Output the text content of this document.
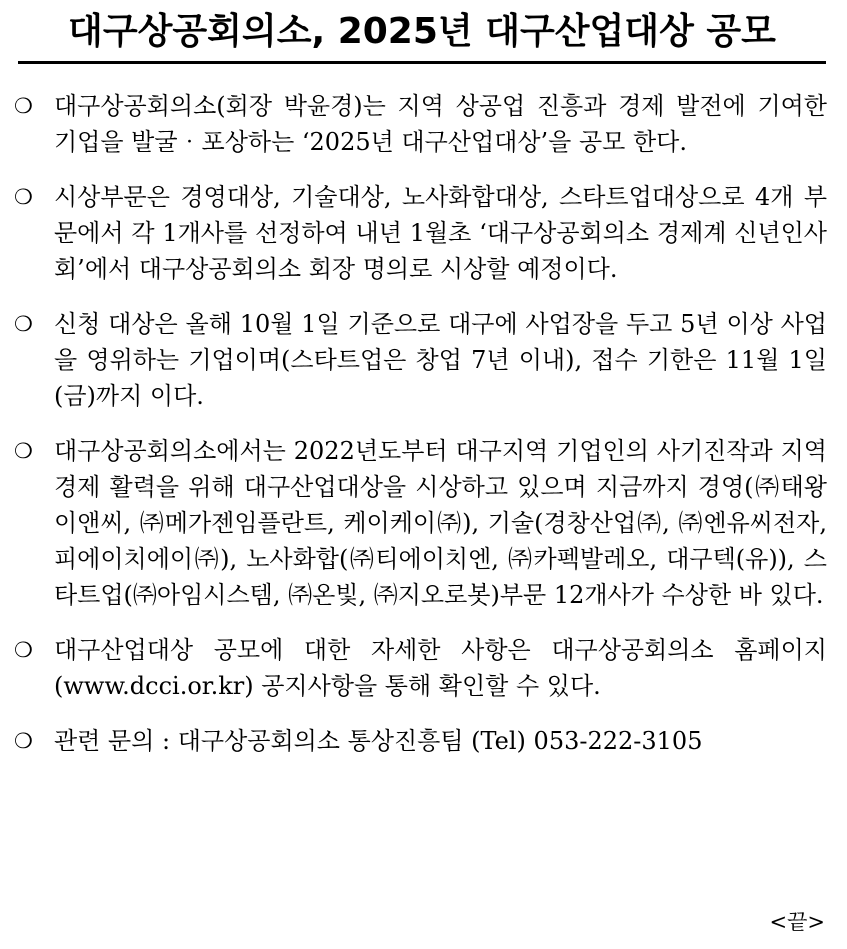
대구상공회의소, 2025년 대구산업대상 공모
❍ 대구상공회의소(회장 박윤경)는 지역 상공업 진흥과 경제 발전에 기여한 기업을 발굴‧포상하는 ‘2025년 대구산업대상’을 공모 한다.
❍ 시상부문은 경영대상, 기술대상, 노사화합대상, 스타트업대상으로 4개 부문에서 각 1개사를 선정하여 내년 1월초 ‘대구상공회의소 경제계 신년인사회’에서 대구상공회의소 회장 명의로 시상할 예정이다.
❍ 신청 대상은 올해 10월 1일 기준으로 대구에 사업장을 두고 5년 이상 사업을 영위하는 기업이며(스타트업은 창업 7년 이내), 접수 기한은 11월 1일(금)까지 이다.
❍ 대구상공회의소에서는 2022년도부터 대구지역 기업인의 사기진작과 지역 경제 활력을 위해 대구산업대상을 시상하고 있으며 지금까지 경영(㈜태왕이앤씨, ㈜메가젠임플란트, 케이케이㈜), 기술(경창산업㈜, ㈜엔유씨전자, 피에이치에이㈜), 노사화합(㈜티에이치엔, ㈜카펙발레오, 대구텍(유)), 스타트업(㈜아임시스템, ㈜온빛, ㈜지오로봇)부문 12개사가 수상한 바 있다.
❍ 대구산업대상 공모에 대한 자세한 사항은 대구상공회의소 홈페이지(www.dcci.or.kr) 공지사항을 통해 확인할 수 있다.
❍ 관련 문의 : 대구상공회의소 통상진흥팀 (Tel) 053-222-3105
<끝>
